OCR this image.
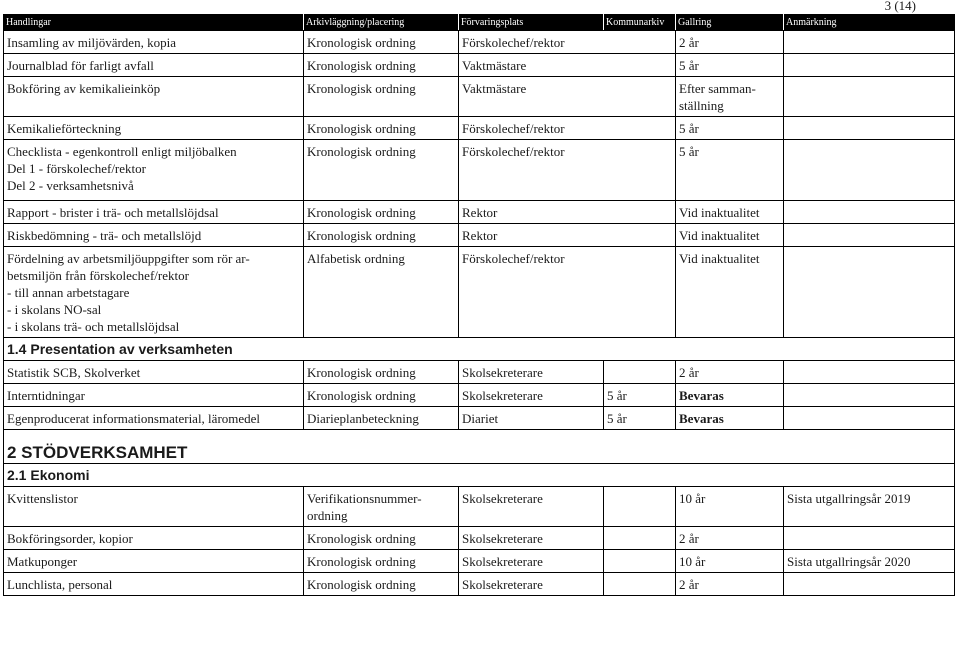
3 (14)
Handlingar	Arkivläggning/placering	Förvaringsplats	Kommunarkiv	Gallring	Anmärkning
Insamling av miljövärden, kopia	Kronologisk ordning	Förskolechef/rektor		2 år	
Journalblad för farligt avfall	Kronologisk ordning	Vaktmästare		5 år	
Bokföring av kemikalieinköp	Kronologisk ordning	Vaktmästare		Efter samman-
ställning	
Kemikalieförteckning	Kronologisk ordning	Förskolechef/rektor		5 år	
Checklista - egenkontroll enligt miljöbalken
Del 1 - förskolechef/rektor
Del 2 - verksamhetsnivå	Kronologisk ordning	Förskolechef/rektor		5 år	
Rapport - brister i trä- och metallslöjdsal	Kronologisk ordning	Rektor		Vid inaktualitet	
Riskbedömning - trä- och metallslöjd	Kronologisk ordning	Rektor		Vid inaktualitet	
Fördelning av arbetsmiljöuppgifter som rör ar-
betsmiljön från förskolechef/rektor
- till annan arbetstagare
- i skolans NO-sal
- i skolans trä- och metallslöjdsal	Alfabetisk ordning	Förskolechef/rektor		Vid inaktualitet	
1.4 Presentation av verksamheten					
Statistik SCB, Skolverket	Kronologisk ordning	Skolsekreterare		2 år	
Interntidningar	Kronologisk ordning	Skolsekreterare	5 år	Bevaras	
Egenproducerat informationsmaterial, läromedel	Diarieplanbeteckning	Diariet	5 år	Bevaras	
2 STÖDVERKSAMHET					
2.1 Ekonomi					
Kvittenslistor	Verifikationsnummer-
ordning	Skolsekreterare		10 år	Sista utgallringsår 2019
Bokföringsorder, kopior	Kronologisk ordning	Skolsekreterare		2 år	
Matkuponger	Kronologisk ordning	Skolsekreterare		10 år	Sista utgallringsår 2020
Lunchlista, personal	Kronologisk ordning	Skolsekreterare		2 år	
